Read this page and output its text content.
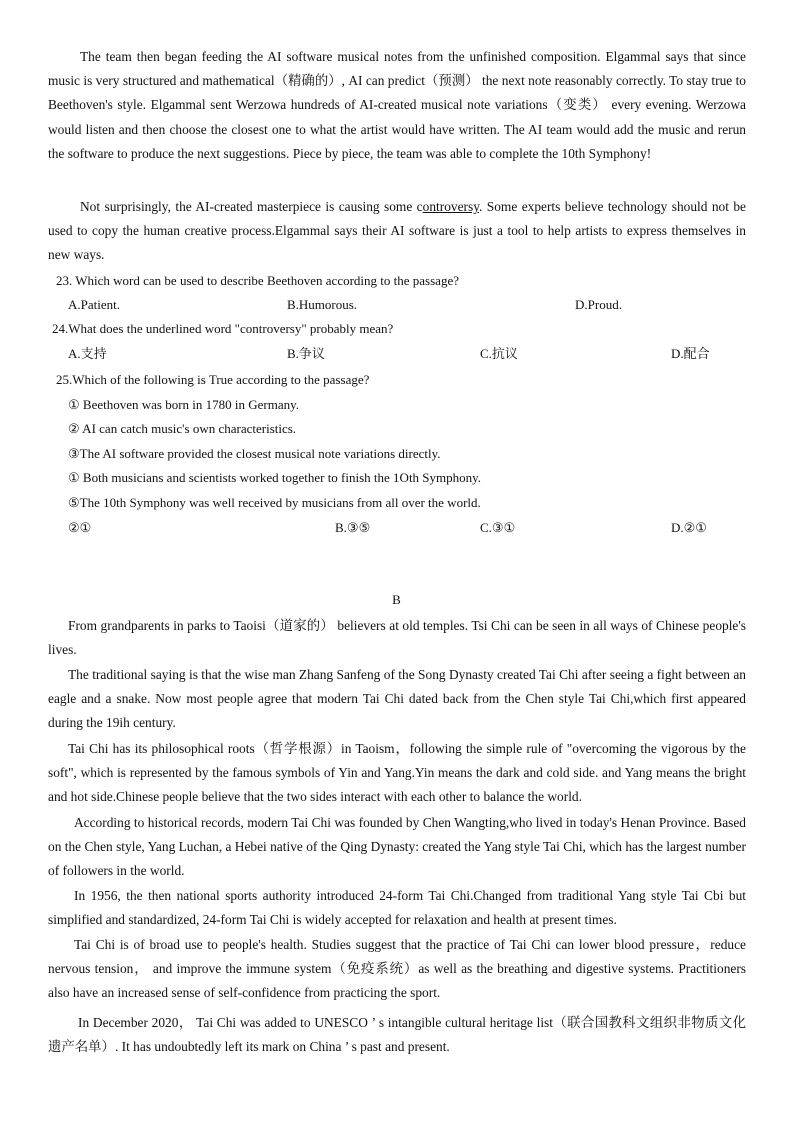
The team then began feeding the AI software musical notes from the unfinished composition. Elgammal says that since music is very structured and mathematical（精确的）, AI can predict（预测） the next note reasonably correctly. To stay true to Beethoven's style. Elgammal sent Werzowa hundreds of AI-created musical note variations（变类） every evening. Werzowa would listen and then choose the closest one to what the artist would have written. The AI team would add the music and rerun the software to produce the next suggestions. Piece by piece, the team was able to complete the 10th Symphony!

Not surprisingly, the AI-created masterpiece is causing some controversy. Some experts believe technology should not be used to copy the human creative process.Elgammal says their AI software is just a tool to help artists to express themselves in new ways.

23. Which word can be used to describe Beethoven according to the passage?

A.Patient.	B.Humorous.	D.Proud.

24.What does the underlined word "controversy" probably mean?

A.支持	B.争议	C.抗议	D.配合

25.Which of the following is True according to the passage?

① Beethoven was born in 1780 in Germany.

② AI can catch music's own characteristics.

③The AI software provided the closest musical note variations directly.

① Both musicians and scientists worked together to finish the 1Oth Symphony.

⑤The 10th Symphony was well received by musicians from all over the world.

②①	B.③⑤	C.③①	D.②①

B

From grandparents in parks to Taoisi（道家的） believers at old temples. Tsi Chi can be seen in all ways of Chinese people's lives.

The traditional saying is that the wise man Zhang Sanfeng of the Song Dynasty created Tai Chi after seeing a fight between an eagle and a snake. Now most people agree that modern Tai Chi dated back from the Chen style Tai Chi,which first appeared during the 19ih century.

Tai Chi has its philosophical roots（哲学根源）in Taoism，following the simple rule of "overcoming the vigorous by the soft", which is represented by the famous symbols of Yin and Yang.Yin means the dark and cold side. and Yang means the bright and hot side.Chinese people believe that the two sides interact with each other to balance the world.

According to historical records, modern Tai Chi was founded by Chen Wangting,who lived in today's Henan Province. Based on the Chen style, Yang Luchan, a Hebei native of the Qing Dynasty: created the Yang style Tai Chi, which has the largest number of followers in the world.

In 1956, the then national sports authority introduced 24-form Tai Chi.Changed from traditional Yang style Tai Cbi but simplified and standardized, 24-form Tai Chi is widely accepted for relaxation and health at present times.

Tai Chi is of broad use to people's health. Studies suggest that the practice of Tai Chi can lower blood pressure，reduce nervous tension， and improve the immune system（免疫系统）as well as the breathing and digestive systems. Practitioners also have an increased sense of self-confidence from practicing the sport.

In December 2020， Tai Chi was added to UNESCO ’ s intangible cultural heritage list（联合国教科文组织非物质文化遗产名单）. It has undoubtedly left its mark on China ’ s past and present.
